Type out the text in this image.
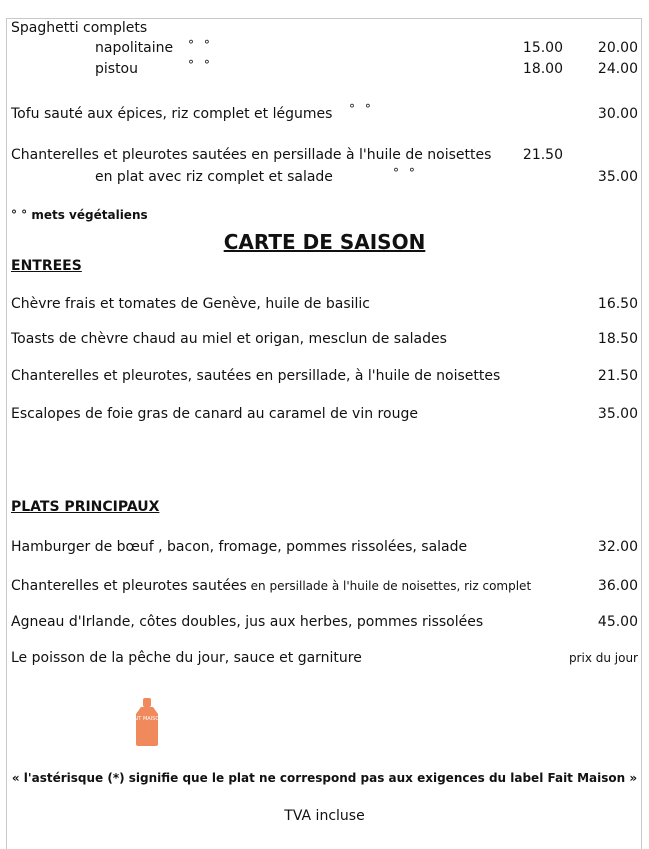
Spaghetti complets
napolitaine ° °	15.00	20.00
pistou	° °	18.00	24.00
Tofu sauté aux épices, riz complet et légumes ° °	30.00
Chanterelles et pleurotes sautées en persillade à l'huile de noisettes	21.50
en plat avec riz complet et salade	° °	35.00
° ° mets végétaliens
CARTE DE SAISON
ENTREES
Chèvre frais et tomates de Genève, huile de basilic	16.50
Toasts de chèvre chaud au miel et origan, mesclun de salades	18.50
Chanterelles et pleurotes, sautées en persillade, à l'huile de noisettes	21.50
Escalopes de foie gras de canard au caramel de vin rouge	35.00
PLATS PRINCIPAUX
Hamburger de bœuf , bacon, fromage, pommes rissolées, salade	32.00
Chanterelles et pleurotes sautées en persillade à l'huile de noisettes, riz complet	36.00
Agneau d'Irlande, côtes doubles, jus aux herbes, pommes rissolées	45.00
Le poisson de la pêche du jour, sauce et garniture	prix du jour
FAIT MAISON
« l'astérisque (*) signifie que le plat ne correspond pas aux exigences du label Fait Maison »
TVA incluse
